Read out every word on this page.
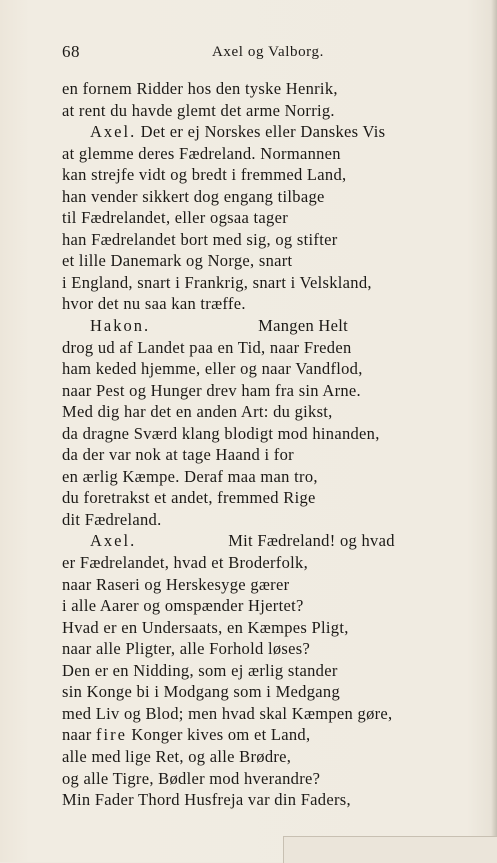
68	Axel og Valborg.
en fornem Ridder hos den tyske Henrik,
at rent du havde glemt det arme Norrig.
Axel. Det er ej Norskes eller Danskes Vis
at glemme deres Fædreland. Normannen
kan strejfe vidt og bredt i fremmed Land,
han vender sikkert dog engang tilbage
til Fædrelandet, eller ogsaa tager
han Fædrelandet bort med sig, og stifter
et lille Danemark og Norge, snart
i England, snart i Frankrig, snart i Velskland,
hvor det nu saa kan træffe.
Hakon.	Mangen Helt
drog ud af Landet paa en Tid, naar Freden
ham keded hjemme, eller og naar Vandflod,
naar Pest og Hunger drev ham fra sin Arne.
Med dig har det en anden Art: du gikst,
da dragne Sværd klang blodigt mod hinanden,
da der var nok at tage Haand i for
en ærlig Kæmpe. Deraf maa man tro,
du foretrakst et andet, fremmed Rige
dit Fædreland.
Axel.	Mit Fædreland! og hvad
er Fædrelandet, hvad et Broderfolk,
naar Raseri og Herskesyge gærer
i alle Aarer og omspænder Hjertet?
Hvad er en Undersaats, en Kæmpes Pligt,
naar alle Pligter, alle Forhold løses?
Den er en Nidding, som ej ærlig stander
sin Konge bi i Modgang som i Medgang
med Liv og Blod; men hvad skal Kæmpen gøre,
naar fire Konger kives om et Land,
alle med lige Ret, og alle Brødre,
og alle Tigre, Bødler mod hverandre?
Min Fader Thord Husfreja var din Faders,
